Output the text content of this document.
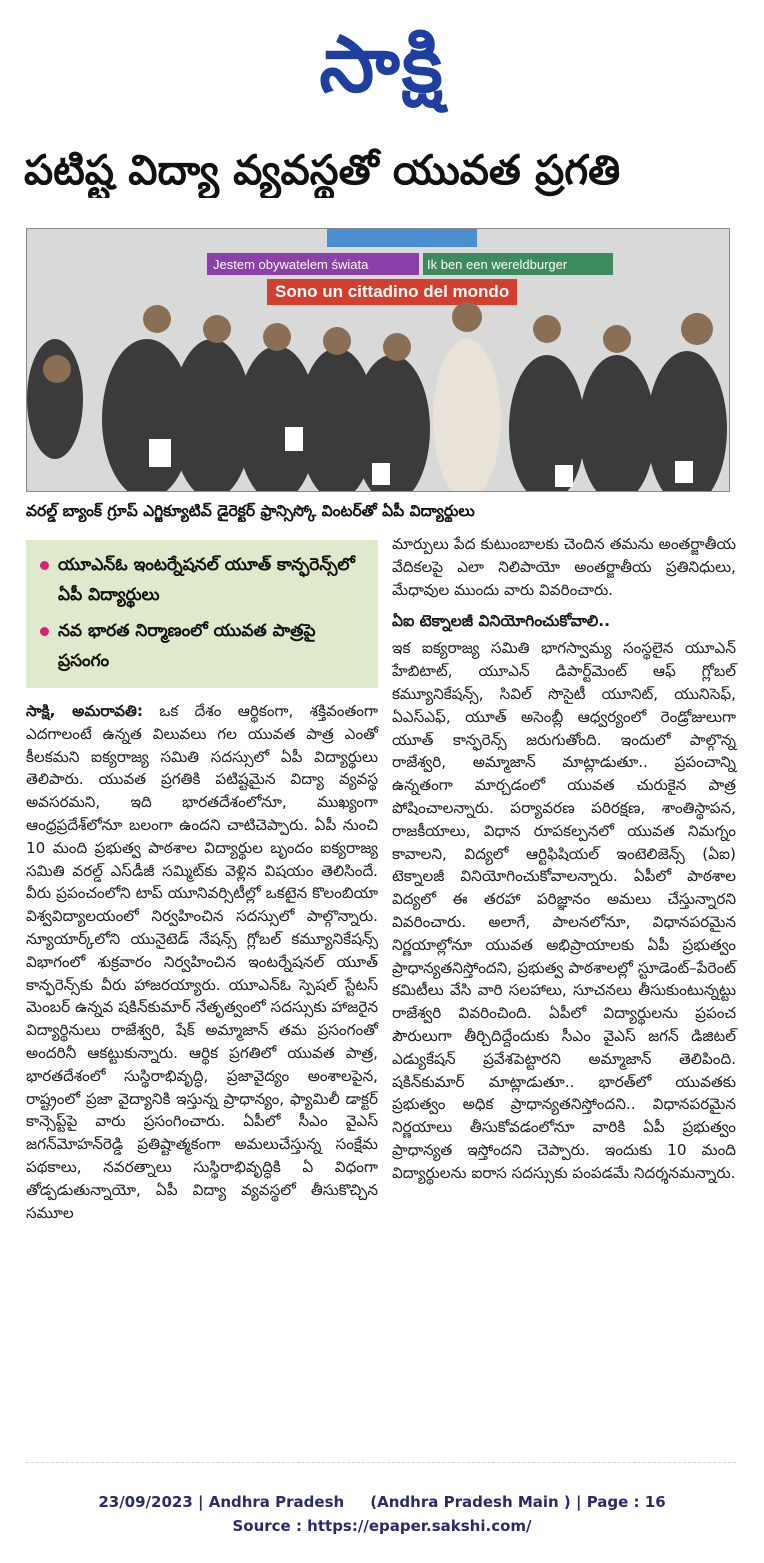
సాక్షి
పటిష్ట విద్యా వ్యవస్థతో యువత ప్రగతి
Jestem obywatelem świata	Ik ben een wereldburger
Sono un cittadino del mondo
వరల్డ్ బ్యాంక్ గ్రూప్ ఎగ్జిక్యూటివ్ డైరెక్టర్ ఫ్రాన్సిస్కో వింటర్‌తో ఏపీ విద్యార్థులు
యూఎన్‌ఓ ఇంటర్నేషనల్ యూత్ కాన్ఫరెన్స్‌లో ఏపీ విద్యార్థులు
నవ భారత నిర్మాణంలో యువత పాత్రపై ప్రసంగం

సాక్షి, అమరావతి: ఒక దేశం ఆర్థికంగా, శక్తివంతంగా ఎదగాలంటే ఉన్నత విలువలు గల యువత పాత్ర ఎంతో కీలకమని ఐక్యరాజ్య సమితి సదస్సులో ఏపీ విద్యార్థులు తెలిపారు. యువత ప్రగతికి పటిష్టమైన విద్యా వ్యవస్థ అవసరమని, ఇది భారతదేశంలోనూ, ముఖ్యంగా ఆంధ్రప్రదేశ్‌లోనూ బలంగా ఉందని చాటిచెప్పారు. ఏపీ నుంచి 10 మంది ప్రభుత్వ పాఠశాల విద్యార్థుల బృందం ఐక్యరాజ్య సమితి వరల్డ్ ఎస్‌డీజీ సమ్మిట్‌కు వెళ్లిన విషయం తెలిసిందే. వీరు ప్రపంచంలోని టాప్ యూనివర్సిటీల్లో ఒకటైన కొలంబియా విశ్వవిద్యాలయంలో నిర్వహించిన సదస్సులో పాల్గొన్నారు. న్యూయార్క్‌లోని యునైటెడ్ నేషన్స్ గ్లోబల్ కమ్యూనికేషన్స్ విభాగంలో శుక్రవారం నిర్వహించిన ఇంటర్నేషనల్ యూత్ కాన్ఫరెన్స్‌కు వీరు హాజరయ్యారు. యూఎన్‌ఓ స్పెషల్ స్టేటస్ మెంబర్ ఉన్నవ షకిన్‌కుమార్ నేతృత్వంలో సదస్సుకు హాజరైన విద్యార్థినులు రాజేశ్వరి, షేక్ అమ్మాజాన్ తమ ప్రసంగంతో అందరినీ ఆకట్టుకున్నారు. ఆర్థిక ప్రగతిలో యువత పాత్ర, భారతదేశంలో సుస్థిరాభివృద్ధి, ప్రజావైద్యం అంశాలపైన, రాష్ట్రంలో ప్రజా వైద్యానికి ఇస్తున్న ప్రాధాన్యం, ఫ్యామిలీ డాక్టర్ కాన్సెప్ట్‌పై వారు ప్రసంగించారు. ఏపీలో సీఎం వైఎస్ జగన్‌మోహన్‌రెడ్డి ప్రతిష్టాత్మకంగా అమలుచేస్తున్న సంక్షేమ పథకాలు, నవరత్నాలు సుస్థిరాభివృద్ధికి ఏ విధంగా తోడ్పడుతున్నాయో, ఏపీ విద్యా వ్యవస్థలో తీసుకొచ్చిన సమూల

మార్పులు పేద కుటుంబాలకు చెందిన తమను అంతర్జాతీయ వేదికలపై ఎలా నిలిపాయో అంతర్జాతీయ ప్రతినిధులు, మేధావుల ముందు వారు వివరించారు.

ఏఐ టెక్నాలజీ వినియోగించుకోవాలి..

ఇక ఐక్యరాజ్య సమితి భాగస్వామ్య సంస్థలైన యూఎన్ హేబిటాట్, యూఎన్ డిపార్ట్‌మెంట్ ఆఫ్ గ్లోబల్ కమ్యూనికేషన్స్, సివిల్ సొసైటీ యూనిట్, యునిసెఫ్, ఏఎస్‌ఎఫ్, యూత్ అసెంబ్లీ ఆధ్వర్యంలో రెండ్రోజులుగా యూత్ కాన్ఫరెన్స్ జరుగుతోంది. ఇందులో పాల్గొన్న రాజేశ్వరి, అమ్మాజాన్ మాట్లాడుతూ.. ప్రపంచాన్ని ఉన్నతంగా మార్చడంలో యువత చురుకైన పాత్ర పోషించాలన్నారు. పర్యావరణ పరిరక్షణ, శాంతిస్థాపన, రాజకీయాలు, విధాన రూపకల్పనలో యువత నిమగ్నం కావాలని, విద్యలో ఆర్టిఫిషియల్ ఇంటెలిజెన్స్ (ఏఐ) టెక్నాలజీ వినియోగించుకోవాలన్నారు. ఏపీలో పాఠశాల విద్యలో ఈ తరహా పరిజ్ఞానం అమలు చేస్తున్నారని వివరించారు. అలాగే, పాలనలోనూ, విధానపరమైన నిర్ణయాల్లోనూ యువత అభిప్రాయాలకు ఏపీ ప్రభుత్వం ప్రాధాన్యతనిస్తోందని, ప్రభుత్వ పాఠశాలల్లో స్టూడెంట్–పేరెంట్ కమిటీలు వేసి వారి సలహాలు, సూచనలు తీసుకుంటున్నట్టు రాజేశ్వరి వివరించింది. ఏపీలో విద్యార్థులను ప్రపంచ పౌరులుగా తీర్చిదిద్దేందుకు సీఎం వైఎస్ జగన్ డిజిటల్ ఎడ్యుకేషన్ ప్రవేశపెట్టారని అమ్మాజాన్ తెలిపింది. షకిన్‌కుమార్ మాట్లాడుతూ.. భారత్‌లో యువతకు ప్రభుత్వం అధిక ప్రాధాన్యతనిస్తోందని.. విధానపరమైన నిర్ణయాలు తీసుకోవడంలోనూ వారికి ఏపీ ప్రభుత్వం ప్రాధాన్యత ఇస్తోందని చెప్పారు. ఇందుకు 10 మంది విద్యార్థులను ఐరాస సదస్సుకు పంపడమే నిదర్శనమన్నారు.

23/09/2023 | Andhra Pradesh     (Andhra Pradesh Main ) | Page : 16
Source : https://epaper.sakshi.com/
